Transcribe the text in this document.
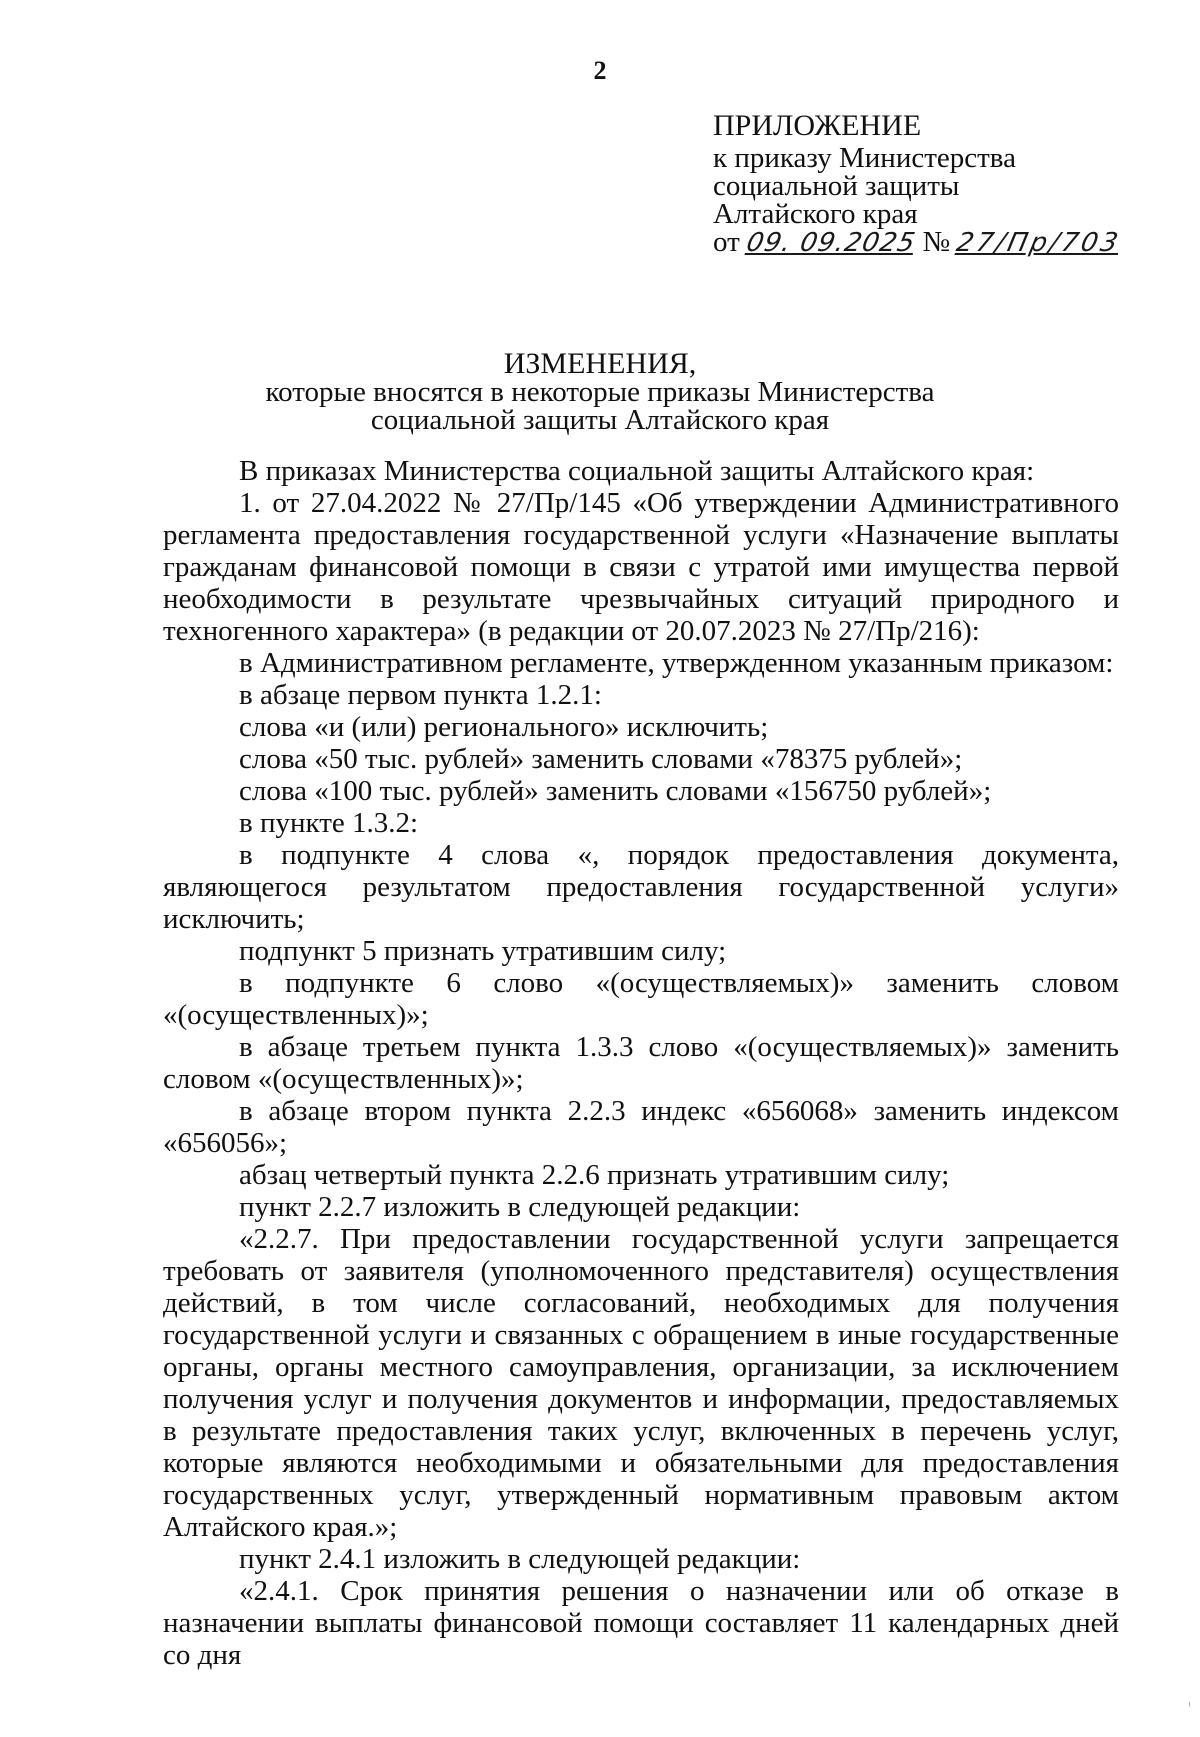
2
ПРИЛОЖЕНИЕ
к приказу Министерства
социальной защиты
Алтайского края
от 09. 09.2025 № 27/Пр/703
ИЗМЕНЕНИЯ,
которые вносятся в некоторые приказы Министерства
социальной защиты Алтайского края

В приказах Министерства социальной защиты Алтайского края:

1. от 27.04.2022 № 27/Пр/145 «Об утверждении Административного регламента предоставления государственной услуги «Назначение выплаты гражданам финансовой помощи в связи с утратой ими имущества первой необходимости в результате чрезвычайных ситуаций природного и техногенного характера» (в редакции от 20.07.2023 № 27/Пр/216):

в Административном регламенте, утвержденном указанным приказом:

в абзаце первом пункта 1.2.1:

слова «и (или) регионального» исключить;

слова «50 тыс. рублей» заменить словами «78375 рублей»;

слова «100 тыс. рублей» заменить словами «156750 рублей»;

в пункте 1.3.2:

в подпункте 4 слова «, порядок предоставления документа, являющегося результатом предоставления государственной услуги» исключить;

подпункт 5 признать утратившим силу;

в подпункте 6 слово «(осуществляемых)» заменить словом «(осуществленных)»;

в абзаце третьем пункта 1.3.3 слово «(осуществляемых)» заменить словом «(осуществленных)»;

в абзаце втором пункта 2.2.3 индекс «656068» заменить индексом «656056»;

абзац четвертый пункта 2.2.6 признать утратившим силу;

пункт 2.2.7 изложить в следующей редакции:

«2.2.7. При предоставлении государственной услуги запрещается требовать от заявителя (уполномоченного представителя) осуществления действий, в том числе согласований, необходимых для получения государственной услуги и связанных с обращением в иные государственные органы, органы местного самоуправления, организации, за исключением получения услуг и получения документов и информации, предоставляемых в результате предоставления таких услуг, включенных в перечень услуг, которые являются необходимыми и обязательными для предоставления государственных услуг, утвержденный нормативным правовым актом Алтайского края.»;

пункт 2.4.1 изложить в следующей редакции:

«2.4.1. Срок принятия решения о назначении или об отказе в назначении выплаты финансовой помощи составляет 11 календарных дней со дня

ᵎ
